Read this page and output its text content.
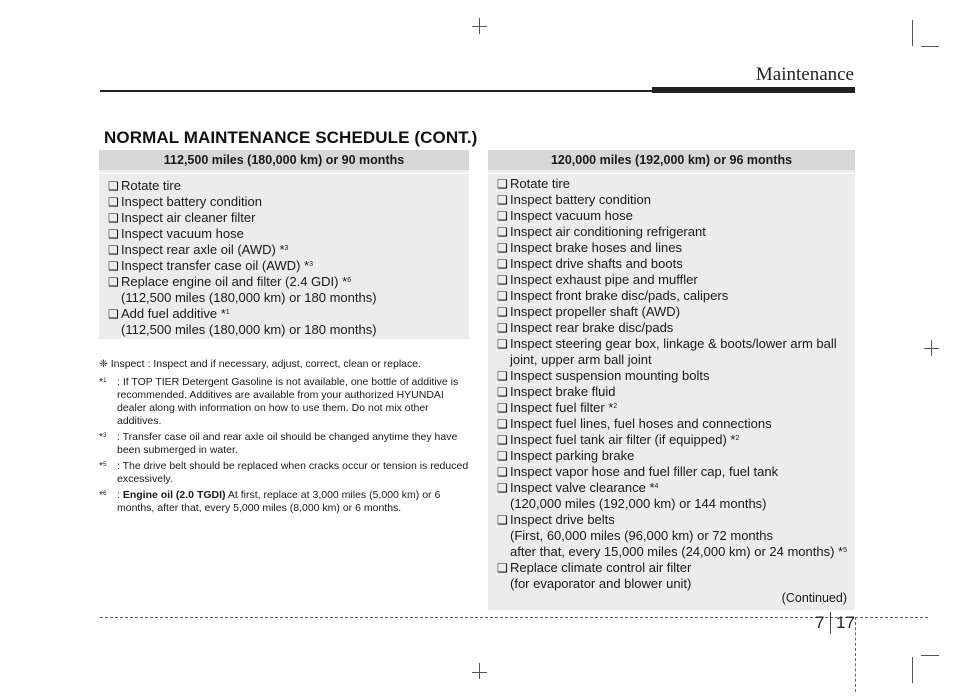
Maintenance
NORMAL MAINTENANCE SCHEDULE (CONT.)
112,500 miles (180,000 km) or 90 months
❑ Rotate tire
❑ Inspect battery condition
❑ Inspect air cleaner filter
❑ Inspect vacuum hose
❑ Inspect rear axle oil (AWD) *$^3$
❑ Inspect transfer case oil (AWD) *$^3$
❑ Replace engine oil and filter (2.4 GDI) *$^6$
(112,500 miles (180,000 km) or 180 months)
❑ Add fuel additive *$^1$
(112,500 miles (180,000 km) or 180 months)
❈ Inspect : Inspect and if necessary, adjust, correct, clean or replace.
*$^1$ : If TOP TIER Detergent Gasoline is not available, one bottle of additive is recommended. Additives are available from your authorized HYUNDAI dealer along with information on how to use them. Do not mix other additives.
*$^3$ : Transfer case oil and rear axle oil should be changed anytime they have been submerged in water.
*$^5$ : The drive belt should be replaced when cracks occur or tension is reduced excessively.
*$^6$ : Engine oil (2.0 TGDI) At first, replace at 3,000 miles (5,000 km) or 6 months, after that, every 5,000 miles (8,000 km) or 6 months.
120,000 miles (192,000 km) or 96 months
❑ Rotate tire
❑ Inspect battery condition
❑ Inspect vacuum hose
❑ Inspect air conditioning refrigerant
❑ Inspect brake hoses and lines
❑ Inspect drive shafts and boots
❑ Inspect exhaust pipe and muffler
❑ Inspect front brake disc/pads, calipers
❑ Inspect propeller shaft (AWD)
❑ Inspect rear brake disc/pads
❑ Inspect steering gear box, linkage & boots/lower arm ball
joint, upper arm ball joint
❑ Inspect suspension mounting bolts
❑ Inspect brake fluid
❑ Inspect fuel filter *$^2$
❑ Inspect fuel lines, fuel hoses and connections
❑ Inspect fuel tank air filter (if equipped) *$^2$
❑ Inspect parking brake
❑ Inspect vapor hose and fuel filler cap, fuel tank
❑ Inspect valve clearance *$^4$
(120,000 miles (192,000 km) or 144 months)
❑ Inspect drive belts
(First, 60,000 miles (96,000 km) or 72 months
after that, every 15,000 miles (24,000 km) or 24 months) *$^5$
❑ Replace climate control air filter
(for evaporator and blower unit)
(Continued)
7 17
